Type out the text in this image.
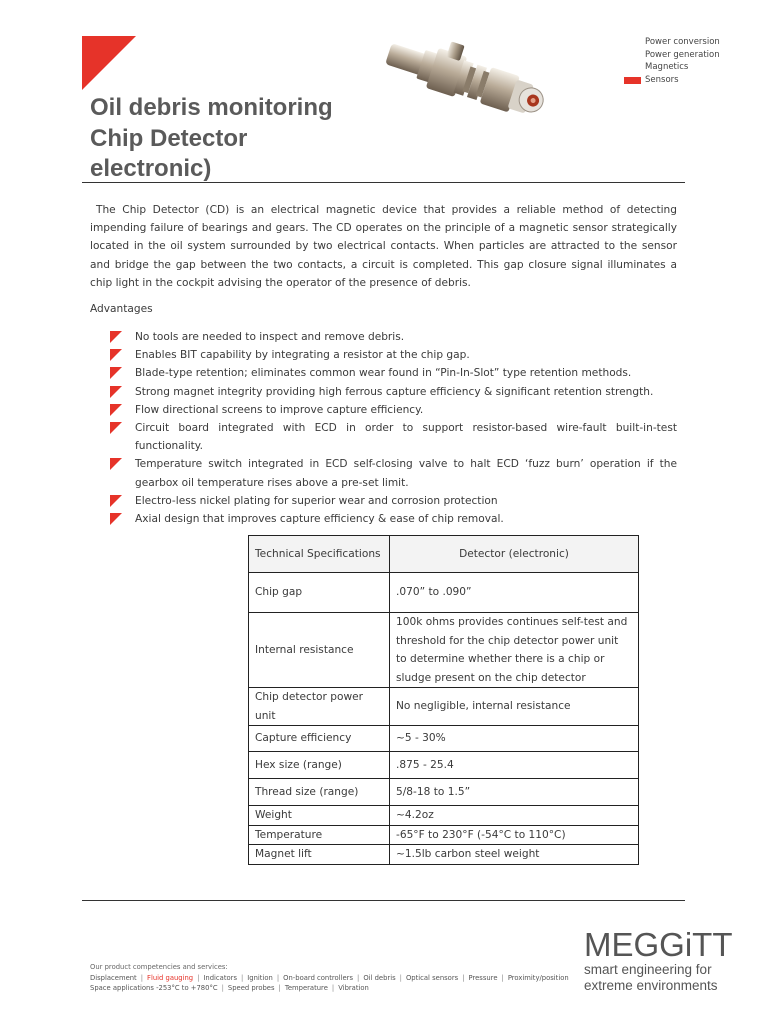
Power conversion
Power generation
Magnetics
Sensors
Oil debris monitoring
Chip Detector
electronic)
The Chip Detector (CD) is an electrical magnetic device that provides a reliable method of detecting impending failure of bearings and gears. The CD operates on the principle of a magnetic sensor strategically located in the oil system surrounded by two electrical contacts. When particles are attracted to the sensor and bridge the gap between the two contacts, a circuit is completed. This gap closure signal illuminates a chip light in the cockpit advising the operator of the presence of debris.
Advantages
No tools are needed to inspect and remove debris.
Enables BIT capability by integrating a resistor at the chip gap.
Blade-type retention; eliminates common wear found in “Pin-In-Slot” type retention methods.
Strong magnet integrity providing high ferrous capture efficiency & significant retention strength.
Flow directional screens to improve capture efficiency.
Circuit board integrated with ECD in order to support resistor-based wire-fault built-in-test functionality.
Temperature switch integrated in ECD self-closing valve to halt ECD ‘fuzz burn’ operation if the gearbox oil temperature rises above a pre-set limit.
Electro-less nickel plating for superior wear and corrosion protection
Axial design that improves capture efficiency & ease of chip removal.
Technical Specifications	Detector (electronic)
Chip gap	.070” to .090”
Internal resistance	100k ohms provides continues self-test and threshold for the chip detector power unit to determine whether there is a chip or sludge present on the chip detector
Chip detector power unit	No negligible, internal resistance
Capture efficiency	~5 - 30%
Hex size (range)	.875 - 25.4
Thread size (range)	5/8-18 to 1.5”
Weight	~4.2oz
Temperature	-65°F to 230°F (-54°C to 110°C)
Magnet lift	~1.5lb carbon steel weight
Our product competencies and services:
Displacement | Fluid gauging | Indicators | Ignition | On-board controllers | Oil debris | Optical sensors | Pressure | Proximity/position
Space applications -253°C to +780°C | Speed probes | Temperature | Vibration
MEGGiTT
smart engineering for
extreme environments
